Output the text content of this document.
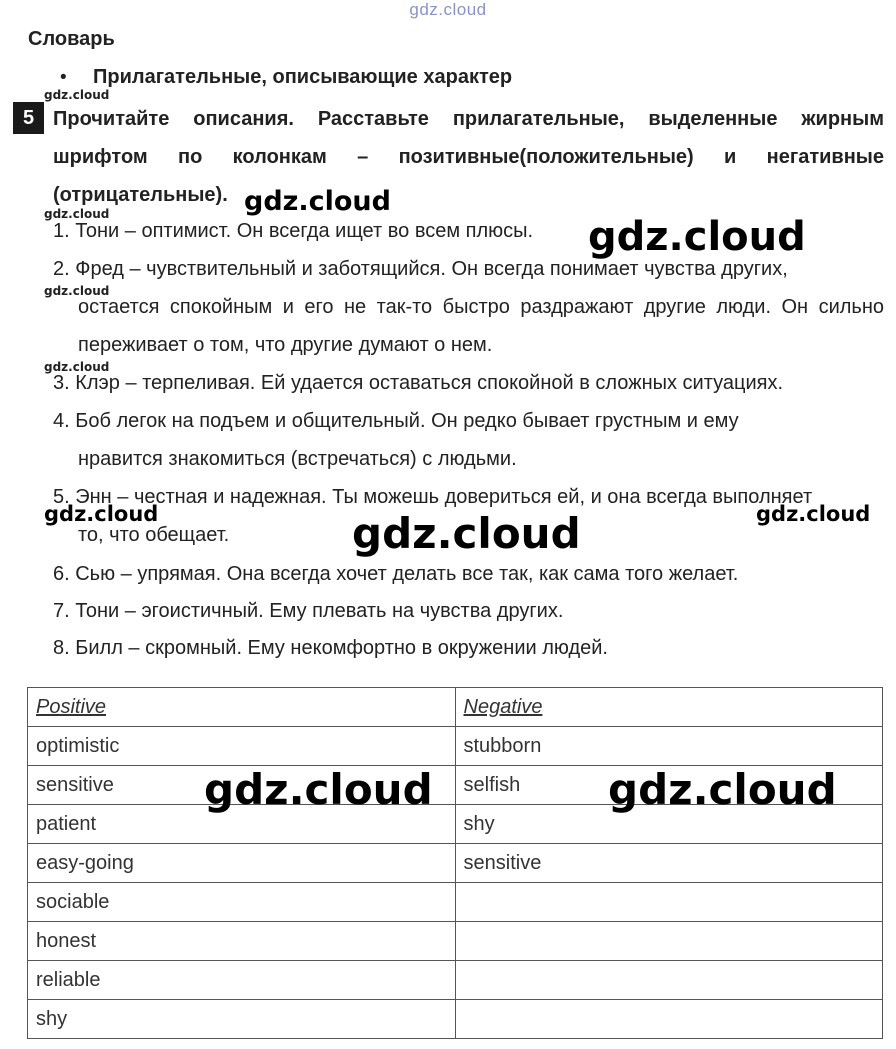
gdz.cloud
Словарь
• Прилагательные, описывающие характер
gdz.cloud
gdz.cloud
gdz.cloud
gdz.cloud
5 Прочитайте описания. Расставьте прилагательные, выделенные жирным шрифтом по колонкам – позитивные(положительные) и негативные (отрицательные).
1. Тони – оптимист. Он всегда ищет во всем плюсы.
2. Фред – чувствительный и заботящийся. Он всегда понимает чувства других,
остается спокойным и его не так-то быстро раздражают другие люди. Он сильно переживает о том, что другие думают о нем.
3. Клэр – терпеливая. Ей удается оставаться спокойной в сложных ситуациях.
4. Боб легок на подъем и общительный. Он редко бывает грустным и ему
нравится знакомиться (встречаться) с людьми.
5. Энн – честная и надежная. Ты можешь довериться ей, и она всегда выполняет
то, что обещает.
6. Сью – упрямая. Она всегда хочет делать все так, как сама того желает.
7. Тони – эгоистичный. Ему плевать на чувства других.
8. Билл – скромный. Ему некомфортно в окружении людей.
gdz.cloud
gdz.cloud
gdz.cloud	gdz.cloud	gdz.cloud
Positive	Negative
optimistic	stubborn
sensitive	selfish
patient	shy
easy-going	sensitive
sociable	
honest	
reliable	
shy	
gdz.cloud	gdz.cloud
